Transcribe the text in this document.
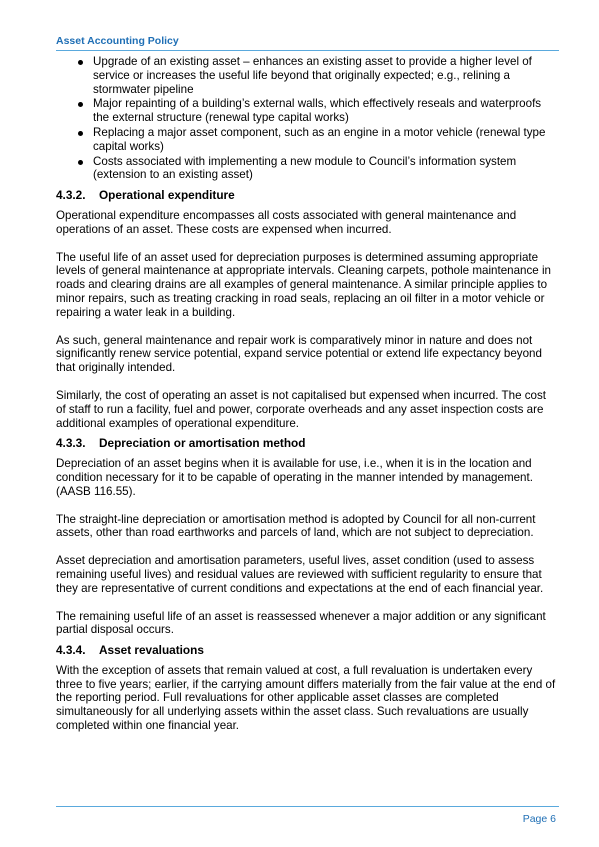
Asset Accounting Policy
Upgrade of an existing asset – enhances an existing asset to provide a higher level of service or increases the useful life beyond that originally expected; e.g., relining a stormwater pipeline
Major repainting of a building’s external walls, which effectively reseals and waterproofs the external structure (renewal type capital works)
Replacing a major asset component, such as an engine in a motor vehicle (renewal type capital works)
Costs associated with implementing a new module to Council’s information system (extension to an existing asset)
4.3.2. Operational expenditure

Operational expenditure encompasses all costs associated with general maintenance and operations of an asset. These costs are expensed when incurred.

The useful life of an asset used for depreciation purposes is determined assuming appropriate levels of general maintenance at appropriate intervals. Cleaning carpets, pothole maintenance in roads and clearing drains are all examples of general maintenance. A similar principle applies to minor repairs, such as treating cracking in road seals, replacing an oil filter in a motor vehicle or repairing a water leak in a building.

As such, general maintenance and repair work is comparatively minor in nature and does not significantly renew service potential, expand service potential or extend life expectancy beyond that originally intended.

Similarly, the cost of operating an asset is not capitalised but expensed when incurred. The cost of staff to run a facility, fuel and power, corporate overheads and any asset inspection costs are additional examples of operational expenditure.

4.3.3. Depreciation or amortisation method

Depreciation of an asset begins when it is available for use, i.e., when it is in the location and condition necessary for it to be capable of operating in the manner intended by management. (AASB 116.55).

The straight-line depreciation or amortisation method is adopted by Council for all non-current assets, other than road earthworks and parcels of land, which are not subject to depreciation.

Asset depreciation and amortisation parameters, useful lives, asset condition (used to assess remaining useful lives) and residual values are reviewed with sufficient regularity to ensure that they are representative of current conditions and expectations at the end of each financial year.

The remaining useful life of an asset is reassessed whenever a major addition or any significant partial disposal occurs.

4.3.4. Asset revaluations

With the exception of assets that remain valued at cost, a full revaluation is undertaken every three to five years; earlier, if the carrying amount differs materially from the fair value at the end of the reporting period. Full revaluations for other applicable asset classes are completed simultaneously for all underlying assets within the asset class. Such revaluations are usually completed within one financial year.

Page 6
